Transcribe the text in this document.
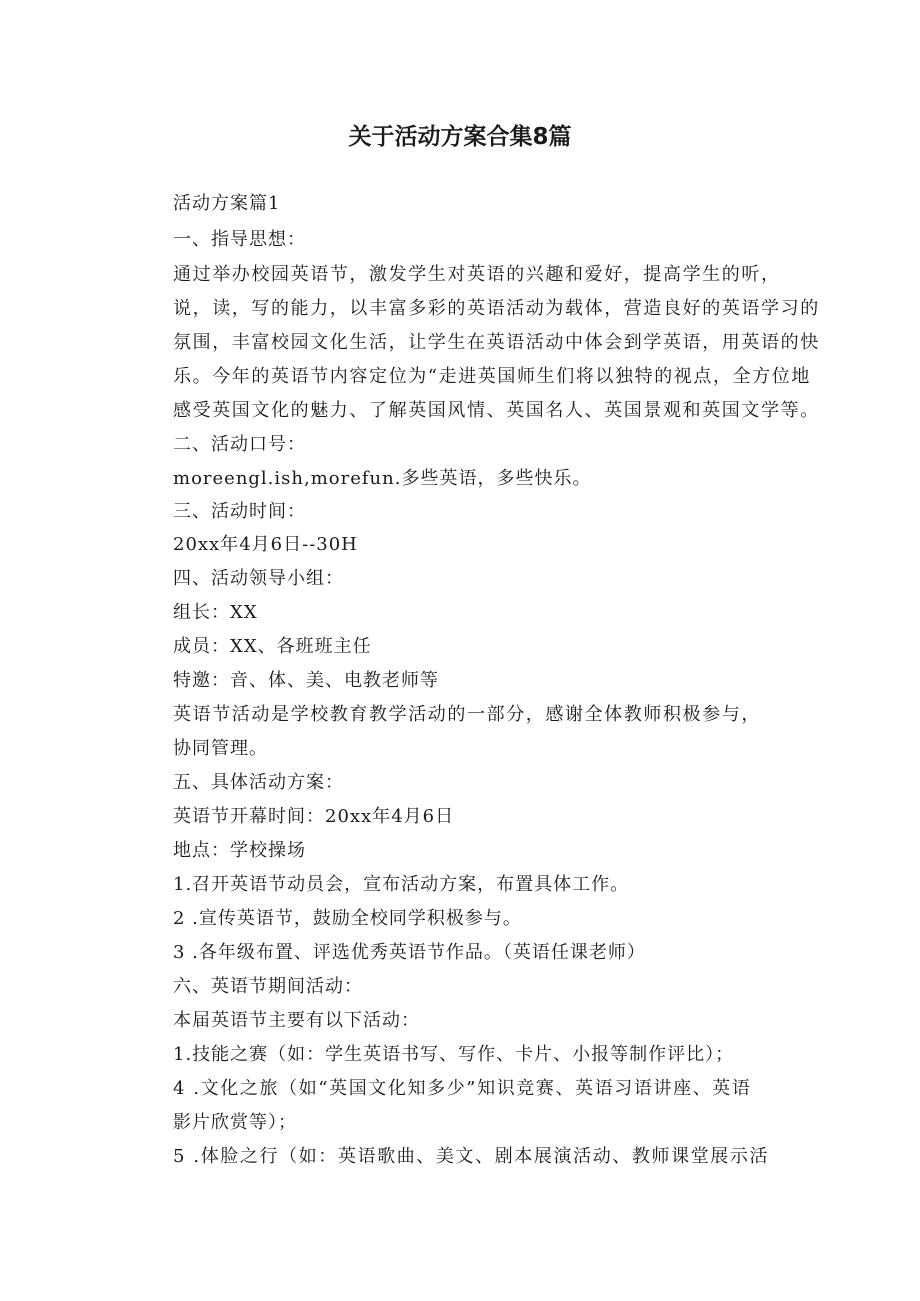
关于活动方案合集8篇
活动方案篇1
一、指导思想：
通过举办校园英语节，激发学生对英语的兴趣和爱好，提高学生的听，
说，读，写的能力，以丰富多彩的英语活动为载体，营造良好的英语学习的
氛围，丰富校园文化生活，让学生在英语活动中体会到学英语，用英语的快
乐。今年的英语节内容定位为“走进英国师生们将以独特的视点，全方位地
感受英国文化的魅力、了解英国风情、英国名人、英国景观和英国文学等。
二、活动口号：
moreengl.ish,morefun.多些英语，多些快乐。
三、活动时间：
20xx年4月6日--30H
四、活动领导小组：
组长：XX
成员：XX、各班班主任
特邀：音、体、美、电教老师等
英语节活动是学校教育教学活动的一部分，感谢全体教师积极参与，
协同管理。
五、具体活动方案：
英语节开幕时间：20xx年4月6日
地点：学校操场
1.召开英语节动员会，宣布活动方案，布置具体工作。
2 .宣传英语节，鼓励全校同学积极参与。
3 .各年级布置、评选优秀英语节作品。（英语任课老师）
六、英语节期间活动：
本届英语节主要有以下活动：
1.技能之赛（如：学生英语书写、写作、卡片、小报等制作评比）；
4 .文化之旅（如“英国文化知多少”知识竞赛、英语习语讲座、英语
影片欣赏等）；
5 .体脸之行（如：英语歌曲、美文、剧本展演活动、教师课堂展示活
